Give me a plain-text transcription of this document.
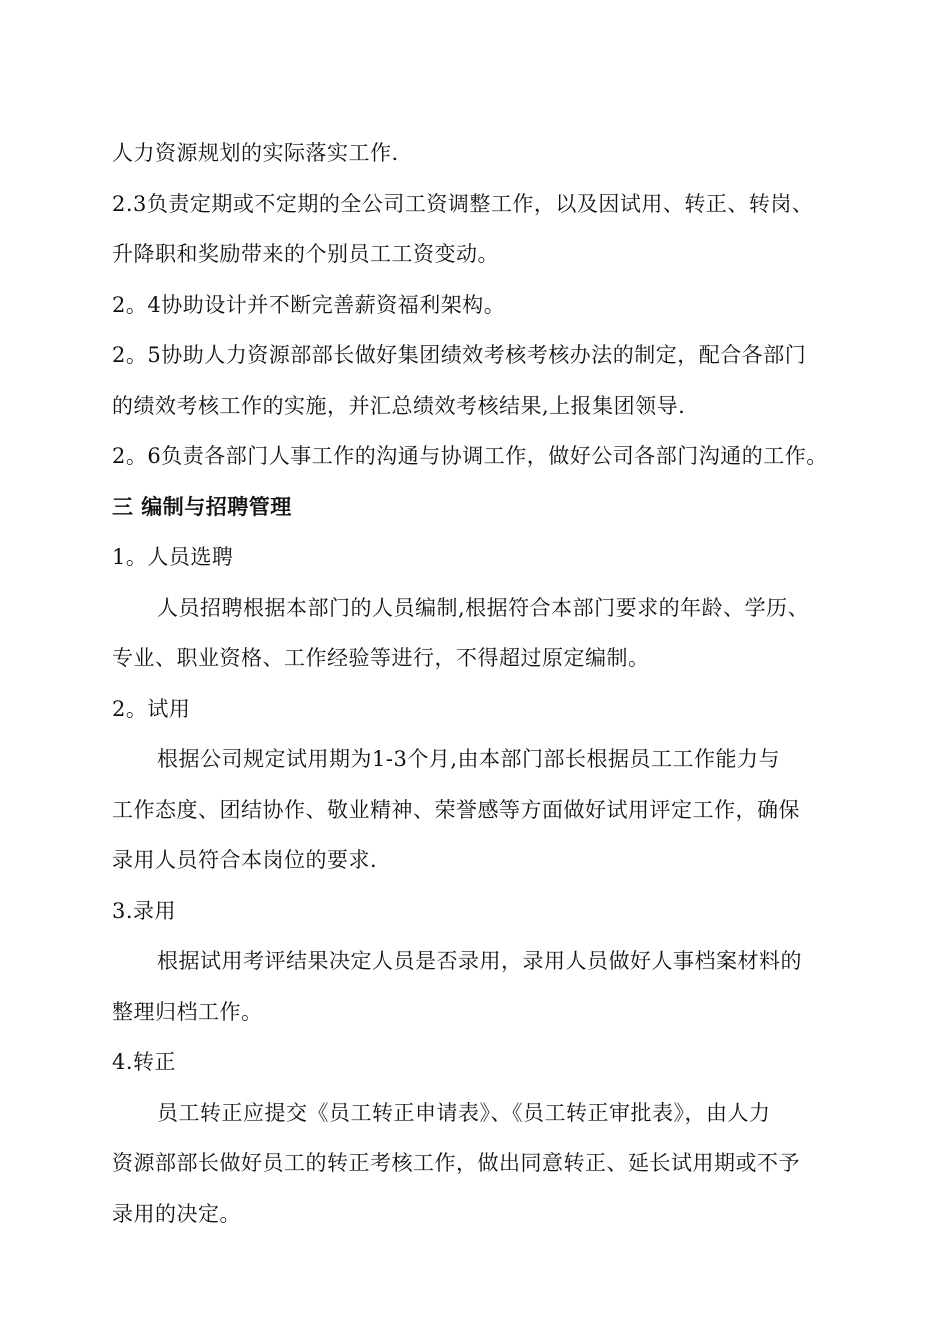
人力资源规划的实际落实工作.
2.3负责定期或不定期的全公司工资调整工作，以及因试用、转正、转岗、
升降职和奖励带来的个别员工工资变动。
2。4协助设计并不断完善薪资福利架构。
2。5协助人力资源部部长做好集团绩效考核考核办法的制定，配合各部门
的绩效考核工作的实施，并汇总绩效考核结果,上报集团领导.
2。6负责各部门人事工作的沟通与协调工作，做好公司各部门沟通的工作。
三 编制与招聘管理
1。人员选聘
人员招聘根据本部门的人员编制,根据符合本部门要求的年龄、学历、
专业、职业资格、工作经验等进行，不得超过原定编制。
2。试用
根据公司规定试用期为1-3个月,由本部门部长根据员工工作能力与
工作态度、团结协作、敬业精神、荣誉感等方面做好试用评定工作，确保
录用人员符合本岗位的要求.
3.录用
根据试用考评结果决定人员是否录用，录用人员做好人事档案材料的
整理归档工作。
4.转正
员工转正应提交《员工转正申请表》、《员工转正审批表》，由人力
资源部部长做好员工的转正考核工作，做出同意转正、延长试用期或不予
录用的决定。
